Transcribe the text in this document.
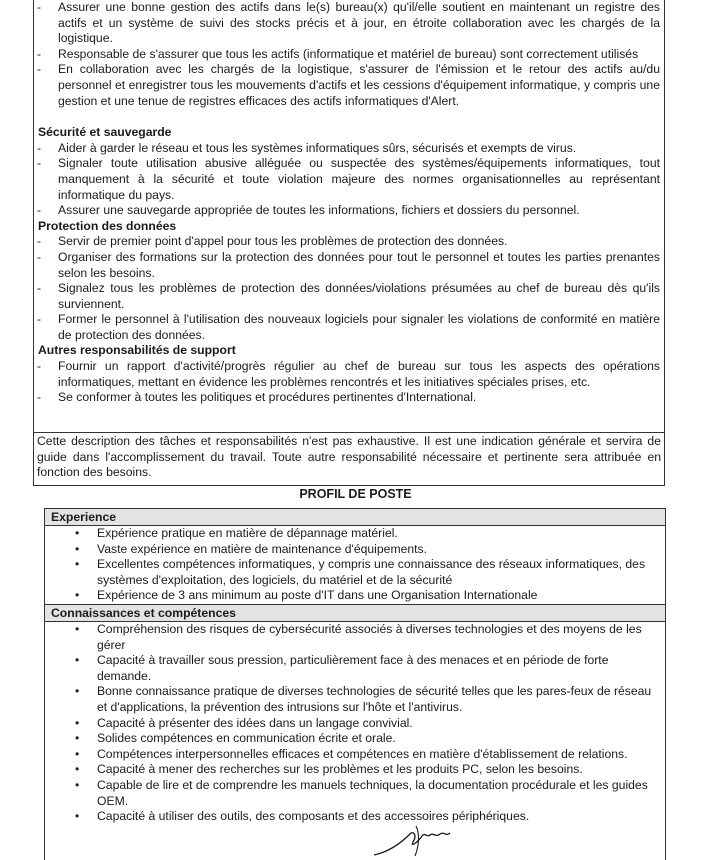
- Assurer une bonne gestion des actifs dans le(s) bureau(x) qu'il/elle soutient en maintenant un registre des actifs et un système de suivi des stocks précis et à jour, en étroite collaboration avec les chargés de la logistique.
- Responsable de s'assurer que tous les actifs (informatique et matériel de bureau) sont correctement utilisés
- En collaboration avec les chargés de la logistique, s'assurer de l'émission et le retour des actifs au/du personnel et enregistrer tous les mouvements d'actifs et les cessions d'équipement informatique, y compris une gestion et une tenue de registres efficaces des actifs informatiques d'Alert.
Sécurité et sauvegarde
- Aider à garder le réseau et tous les systèmes informatiques sûrs, sécurisés et exempts de virus.
- Signaler toute utilisation abusive alléguée ou suspectée des systèmes/équipements informatiques, tout manquement à la sécurité et toute violation majeure des normes organisationnelles au représentant informatique du pays.
- Assurer une sauvegarde appropriée de toutes les informations, fichiers et dossiers du personnel.
Protection des données
- Servir de premier point d'appel pour tous les problèmes de protection des données.
- Organiser des formations sur la protection des données pour tout le personnel et toutes les parties prenantes selon les besoins.
- Signalez tous les problèmes de protection des données/violations présumées au chef de bureau dès qu'ils surviennent.
- Former le personnel à l'utilisation des nouveaux logiciels pour signaler les violations de conformité en matière de protection des données.
Autres responsabilités de support
- Fournir un rapport d'activité/progrès régulier au chef de bureau sur tous les aspects des opérations informatiques, mettant en évidence les problèmes rencontrés et les initiatives spéciales prises, etc.
- Se conformer à toutes les politiques et procédures pertinentes d'International.
Cette description des tâches et responsabilités n'est pas exhaustive. Il est une indication générale et servira de guide dans l'accomplissement du travail. Toute autre responsabilité nécessaire et pertinente sera attribuée en fonction des besoins.
PROFIL DE POSTE
Experience
• Expérience pratique en matière de dépannage matériel.
• Vaste expérience en matière de maintenance d'équipements.
• Excellentes compétences informatiques, y compris une connaissance des réseaux informatiques, des systèmes d'exploitation, des logiciels, du matériel et de la sécurité
• Expérience de 3 ans minimum au poste d'IT dans une Organisation Internationale
Connaissances et compétences
• Compréhension des risques de cybersécurité associés à diverses technologies et des moyens de les gérer
• Capacité à travailler sous pression, particulièrement face à des menaces et en période de forte demande.
• Bonne connaissance pratique de diverses technologies de sécurité telles que les pares-feux de réseau et d'applications, la prévention des intrusions sur l'hôte et l'antivirus.
• Capacité à présenter des idées dans un langage convivial.
• Solides compétences en communication écrite et orale.
• Compétences interpersonnelles efficaces et compétences en matière d'établissement de relations.
• Capacité à mener des recherches sur les problèmes et les produits PC, selon les besoins.
• Capable de lire et de comprendre les manuels techniques, la documentation procédurale et les guides OEM.
• Capacité à utiliser des outils, des composants et des accessoires périphériques.
